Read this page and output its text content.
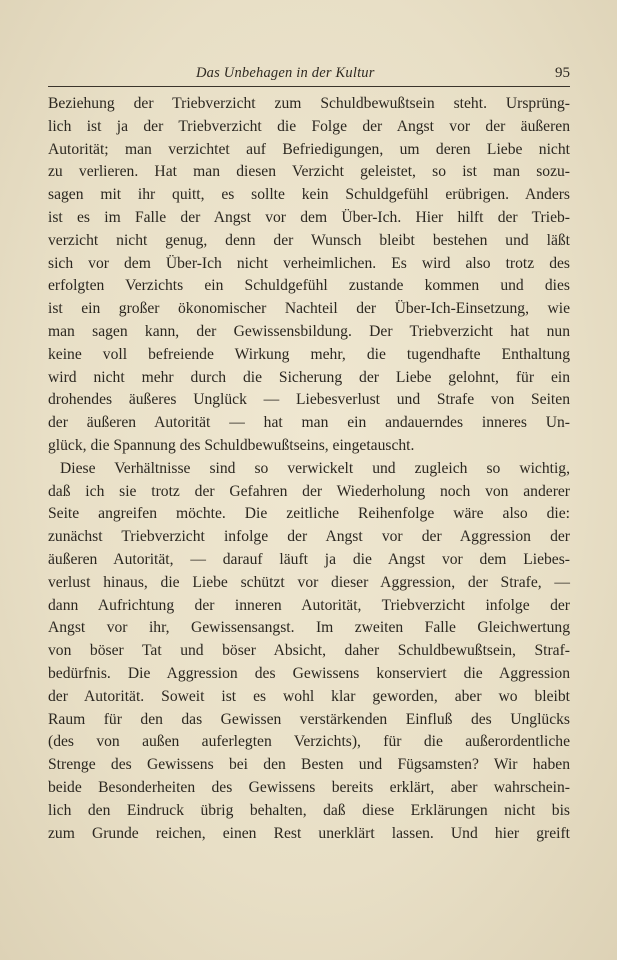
Das Unbehagen in der Kultur	95
Beziehung der Triebverzicht zum Schuldbewußtsein steht. Ursprüng-
lich ist ja der Triebverzicht die Folge der Angst vor der äußeren
Autorität; man verzichtet auf Befriedigungen, um deren Liebe nicht
zu verlieren. Hat man diesen Verzicht geleistet, so ist man sozu-
sagen mit ihr quitt, es sollte kein Schuldgefühl erübrigen. Anders
ist es im Falle der Angst vor dem Über-Ich. Hier hilft der Trieb-
verzicht nicht genug, denn der Wunsch bleibt bestehen und läßt
sich vor dem Über-Ich nicht verheimlichen. Es wird also trotz des
erfolgten Verzichts ein Schuldgefühl zustande kommen und dies
ist ein großer ökonomischer Nachteil der Über-Ich-Einsetzung, wie
man sagen kann, der Gewissensbildung. Der Triebverzicht hat nun
keine voll befreiende Wirkung mehr, die tugendhafte Enthaltung
wird nicht mehr durch die Sicherung der Liebe gelohnt, für ein
drohendes äußeres Unglück — Liebesverlust und Strafe von Seiten
der äußeren Autorität — hat man ein andauerndes inneres Un-
glück, die Spannung des Schuldbewußtseins, eingetauscht.
Diese Verhältnisse sind so verwickelt und zugleich so wichtig,
daß ich sie trotz der Gefahren der Wiederholung noch von anderer
Seite angreifen möchte. Die zeitliche Reihenfolge wäre also die:
zunächst Triebverzicht infolge der Angst vor der Aggression der
äußeren Autorität, — darauf läuft ja die Angst vor dem Liebes-
verlust hinaus, die Liebe schützt vor dieser Aggression, der Strafe, —
dann Aufrichtung der inneren Autorität, Triebverzicht infolge der
Angst vor ihr, Gewissensangst. Im zweiten Falle Gleichwertung
von böser Tat und böser Absicht, daher Schuldbewußtsein, Straf-
bedürfnis. Die Aggression des Gewissens konserviert die Aggression
der Autorität. Soweit ist es wohl klar geworden, aber wo bleibt
Raum für den das Gewissen verstärkenden Einfluß des Unglücks
(des von außen auferlegten Verzichts), für die außerordentliche
Strenge des Gewissens bei den Besten und Fügsamsten? Wir haben
beide Besonderheiten des Gewissens bereits erklärt, aber wahrschein-
lich den Eindruck übrig behalten, daß diese Erklärungen nicht bis
zum Grunde reichen, einen Rest unerklärt lassen. Und hier greift
